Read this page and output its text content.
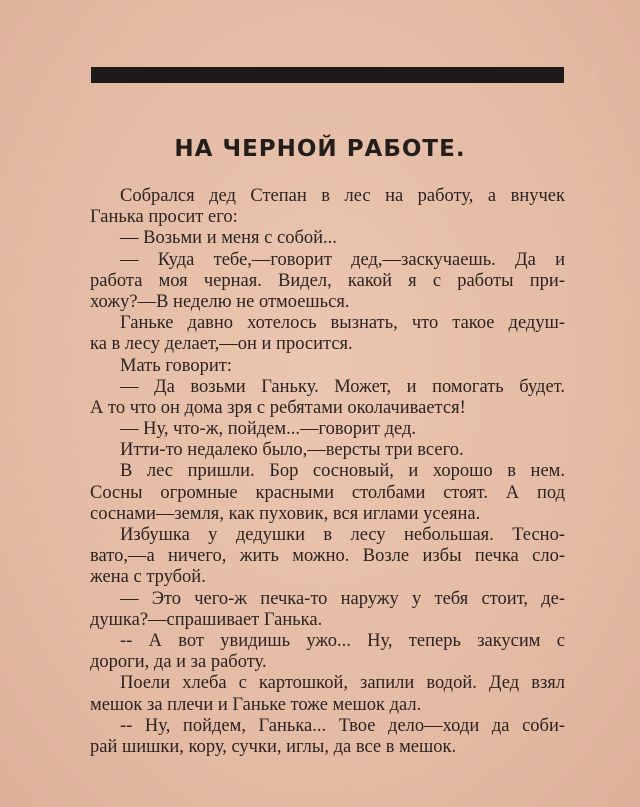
НА ЧЕРНОЙ РАБОТЕ.
Собрался дед Степан в лес на работу, а внучек
Ганька просит его:
— Возьми и меня с собой...
— Куда тебе,—говорит дед,—заскучаешь. Да и
работа моя черная. Видел, какой я с работы при-
хожу?—В неделю не отмоешься.
Ганьке давно хотелось вызнать, что такое дедуш-
ка в лесу делает,—он и просится.
Мать говорит:
— Да возьми Ганьку. Может, и помогать будет.
А то что он дома зря с ребятами околачивается!
— Ну, что-ж, пойдем...—говорит дед.
Итти-то недалеко было,—версты три всего.
В лес пришли. Бор сосновый, и хорошо в нем.
Сосны огромные красными столбами стоят. А под
соснами—земля, как пуховик, вся иглами усеяна.
Избушка у дедушки в лесу небольшая. Тесно-
вато,—а ничего, жить можно. Возле избы печка сло-
жена с трубой.
— Это чего-ж печка-то наружу у тебя стоит, де-
душка?—спрашивает Ганька.
-- А вот увидишь ужо... Ну, теперь закусим с
дороги, да и за работу.
Поели хлеба с картошкой, запили водой. Дед взял
мешок за плечи и Ганьке тоже мешок дал.
-- Ну, пойдем, Ганька... Твое дело—ходи да соби-
рай шишки, кору, сучки, иглы, да все в мешок.
